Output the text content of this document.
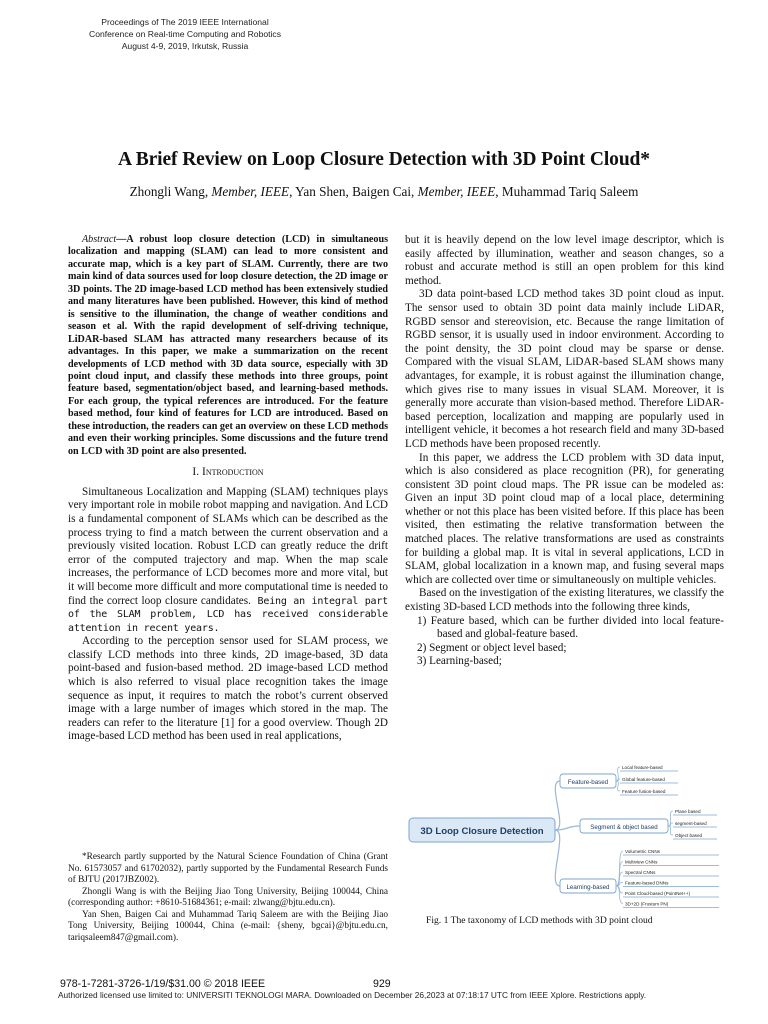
Proceedings of The 2019 IEEE International
Conference on Real-time Computing and Robotics
August 4-9, 2019, Irkutsk, Russia
A Brief Review on Loop Closure Detection with 3D Point Cloud*
Zhongli Wang, Member, IEEE, Yan Shen, Baigen Cai, Member, IEEE, Muhammad Tariq Saleem

Abstract—A robust loop closure detection (LCD) in simultaneous localization and mapping (SLAM) can lead to more consistent and accurate map, which is a key part of SLAM. Currently, there are two main kind of data sources used for loop closure detection, the 2D image or 3D points. The 2D image-based LCD method has been extensively studied and many literatures have been published. However, this kind of method is sensitive to the illumination, the change of weather conditions and season et al. With the rapid development of self-driving technique, LiDAR-based SLAM has attracted many researchers because of its advantages. In this paper, we make a summarization on the recent developments of LCD method with 3D data source, especially with 3D point cloud input, and classify these methods into three groups, point feature based, segmentation/object based, and learning-based methods. For each group, the typical references are introduced. For the feature based method, four kind of features for LCD are introduced. Based on these introduction, the readers can get an overview on these LCD methods and even their working principles. Some discussions and the future trend on LCD with 3D point are also presented.

I. Introduction

Simultaneous Localization and Mapping (SLAM) techniques plays very important role in mobile robot mapping and navigation. And LCD is a fundamental component of SLAMs which can be described as the process trying to find a match between the current observation and a previously visited location. Robust LCD can greatly reduce the drift error of the computed trajectory and map. When the map scale increases, the performance of LCD becomes more and more vital, but it will become more difficult and more computational time is needed to find the correct loop closure candidates. Being an integral part of the SLAM problem, LCD has received considerable attention in recent years.

According to the perception sensor used for SLAM process, we classify LCD methods into three kinds, 2D image-based, 3D data point-based and fusion-based method. 2D image-based LCD method which is also referred to visual place recognition takes the image sequence as input, it requires to match the robot’s current observed image with a large number of images which stored in the map. The readers can refer to the literature [1] for a good overview. Though 2D image-based LCD method has been used in real applications,

but it is heavily depend on the low level image descriptor, which is easily affected by illumination, weather and season changes, so a robust and accurate method is still an open problem for this kind method.

3D data point-based LCD method takes 3D point cloud as input. The sensor used to obtain 3D point data mainly include LiDAR, RGBD sensor and stereovision, etc. Because the range limitation of RGBD sensor, it is usually used in indoor environment. According to the point density, the 3D point cloud may be sparse or dense. Compared with the visual SLAM, LiDAR-based SLAM shows many advantages, for example, it is robust against the illumination change, which gives rise to many issues in visual SLAM. Moreover, it is generally more accurate than vision-based method. Therefore LiDAR-based perception, localization and mapping are popularly used in intelligent vehicle, it becomes a hot research field and many 3D-based LCD methods have been proposed recently.

In this paper, we address the LCD problem with 3D data input, which is also considered as place recognition (PR), for generating consistent 3D point cloud maps. The PR issue can be modeled as: Given an input 3D point cloud map of a local place, determining whether or not this place has been visited before. If this place has been visited, then estimating the relative transformation between the matched places. The relative transformations are used as constraints for building a global map. It is vital in several applications, LCD in SLAM, global localization in a known map, and fusing several maps which are collected over time or simultaneously on multiple vehicles.

Based on the investigation of the existing literatures, we classify the existing 3D-based LCD methods into the following three kinds,

1) Feature based, which can be further divided into local feature-based and global-feature based.
2) Segment or object level based;
3) Learning-based;
3D Loop Closure Detection
Local feature-based
Global feature-based
Feature fusion-based
Feature-based
Plane based
segment-based
Object based
Segment & object based
Volumetric CNNs
Multiview CNNs
Spectral CNNs
Feature-based DNNs
Point Cloud-based (PointNet++)
3D+2D (Frustum PN)
Learning-based
Fig. 1 The taxonomy of LCD methods with 3D point cloud

*Research partly supported by the Natural Science Foundation of China (Grant No. 61573057 and 61702032), partly supported by the Fundamental Research Funds of BJTU (2017JBZ002).

Zhongli Wang is with the Beijing Jiao Tong University, Beijing 100044, China (corresponding author: +8610-51684361; e-mail: zlwang@bjtu.edu.cn).

Yan Shen, Baigen Cai and Muhammad Tariq Saleem are with the Beijing Jiao Tong University, Beijing 100044, China (e-mail: {sheny, bgcai}@bjtu.edu.cn, tariqsaleem847@gmail.com).

978-1-7281-3726-1/19/$31.00 © 2018 IEEE	929
Authorized licensed use limited to: UNIVERSITI TEKNOLOGI MARA. Downloaded on December 26,2023 at 07:18:17 UTC from IEEE Xplore. Restrictions apply.
